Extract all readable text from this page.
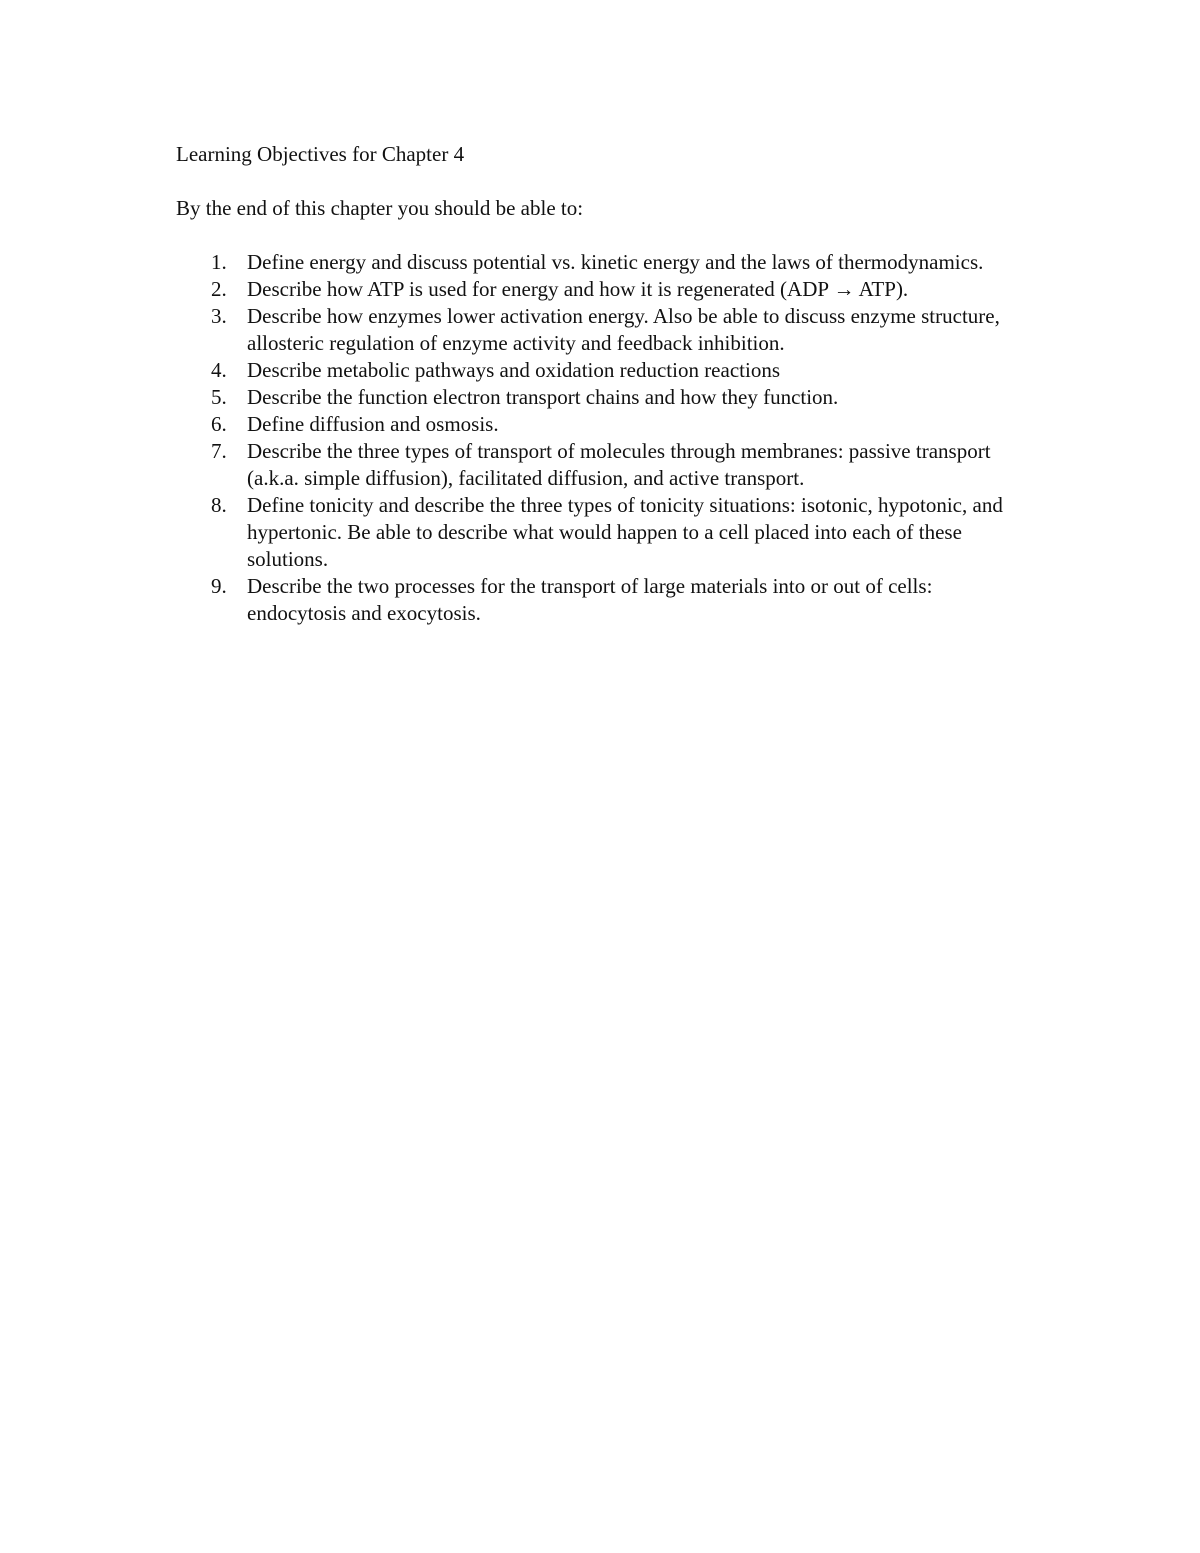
Learning Objectives for Chapter 4

By the end of this chapter you should be able to:

1. Define energy and discuss potential vs. kinetic energy and the laws of thermodynamics.
2. Describe how ATP is used for energy and how it is regenerated (ADP → ATP).
3. Describe how enzymes lower activation energy. Also be able to discuss enzyme structure, allosteric regulation of enzyme activity and feedback inhibition.
4. Describe metabolic pathways and oxidation reduction reactions
5. Describe the function electron transport chains and how they function.
6. Define diffusion and osmosis.
7. Describe the three types of transport of molecules through membranes: passive transport (a.k.a. simple diffusion), facilitated diffusion, and active transport.
8. Define tonicity and describe the three types of tonicity situations: isotonic, hypotonic, and hypertonic. Be able to describe what would happen to a cell placed into each of these solutions.
9. Describe the two processes for the transport of large materials into or out of cells: endocytosis and exocytosis.
